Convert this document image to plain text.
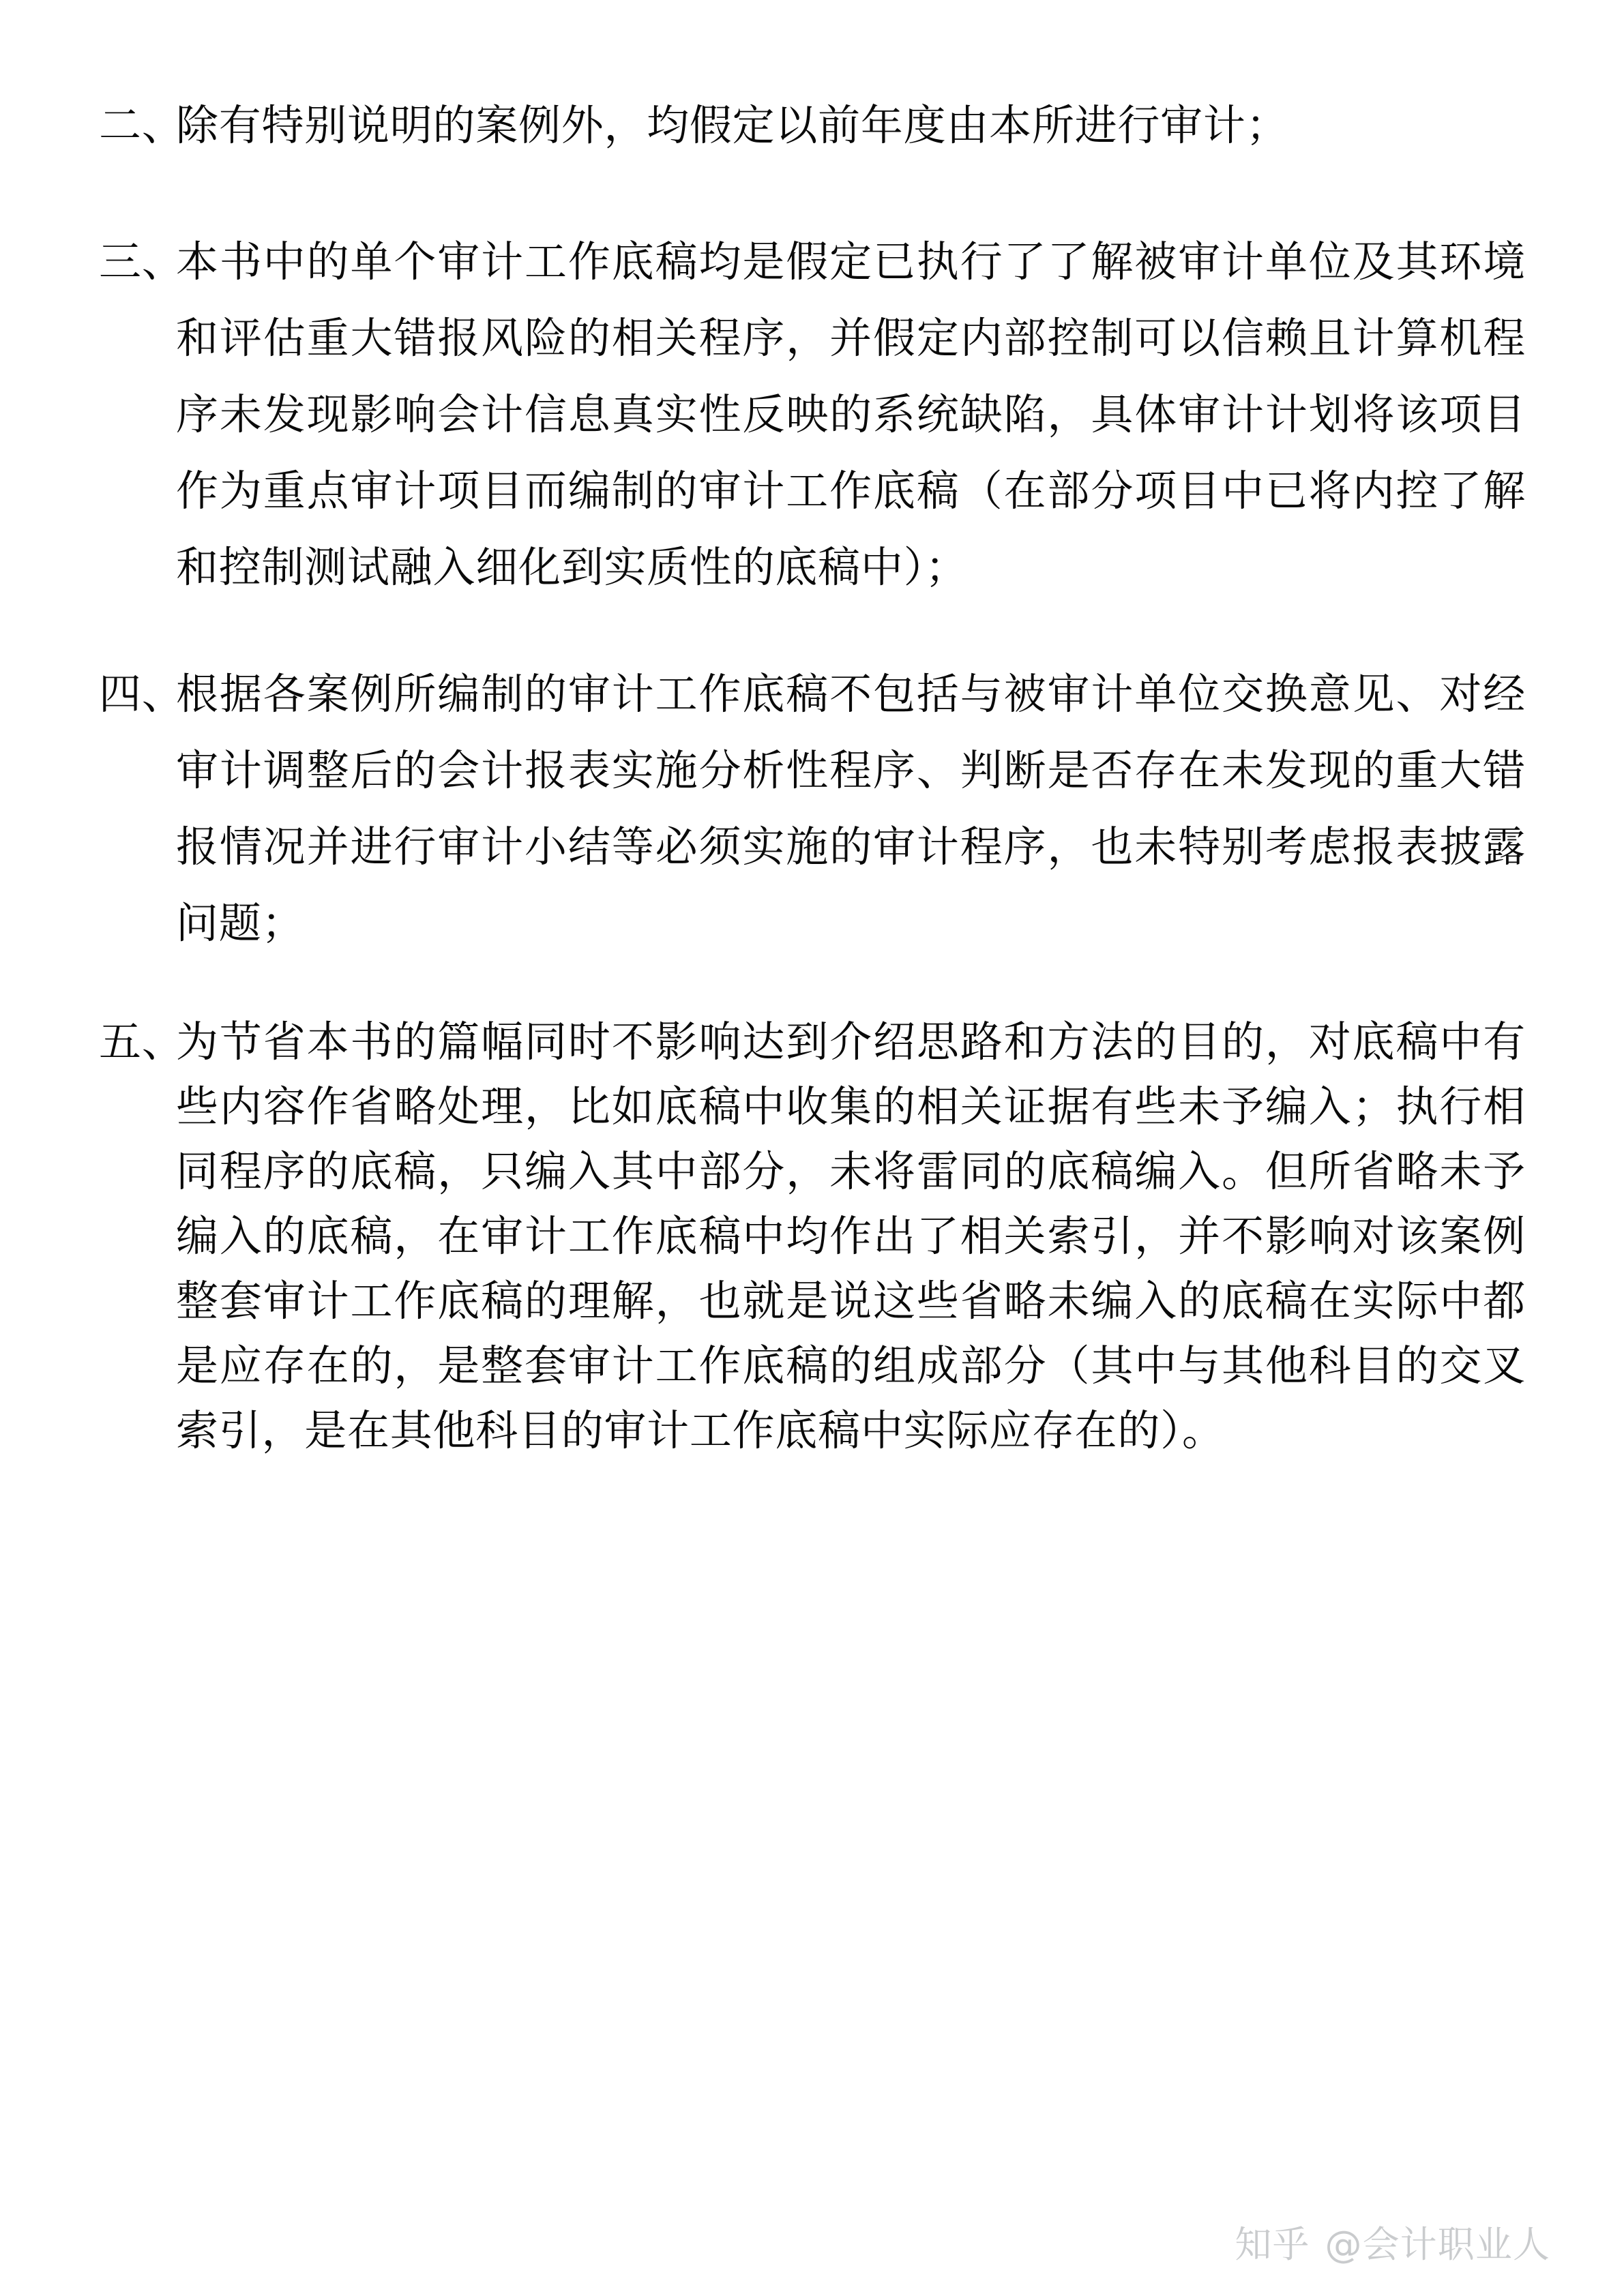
二、
除有特别说明的案例外，均假定以前年度由本所进行审计；

三、
本书中的单个审计工作底稿均是假定已执行了了解被审计单位及其环境和评估重大错报风险的相关程序，并假定内部控制可以信赖且计算机程序未发现影响会计信息真实性反映的系统缺陷，具体审计计划将该项目作为重点审计项目而编制的审计工作底稿（在部分项目中已将内控了解和控制测试融入细化到实质性的底稿中）；

四、
根据各案例所编制的审计工作底稿不包括与被审计单位交换意见、对经审计调整后的会计报表实施分析性程序、判断是否存在未发现的重大错报情况并进行审计小结等必须实施的审计程序，也未特别考虑报表披露问题；

五、
为节省本书的篇幅同时不影响达到介绍思路和方法的目的，对底稿中有些内容作省略处理，比如底稿中收集的相关证据有些未予编入；执行相同程序的底稿，只编入其中部分，未将雷同的底稿编入。但所省略未予编入的底稿，在审计工作底稿中均作出了相关索引，并不影响对该案例整套审计工作底稿的理解，也就是说这些省略未编入的底稿在实际中都是应存在的，是整套审计工作底稿的组成部分（其中与其他科目的交叉索引，是在其他科目的审计工作底稿中实际应存在的）。

知乎 @会计职业人
